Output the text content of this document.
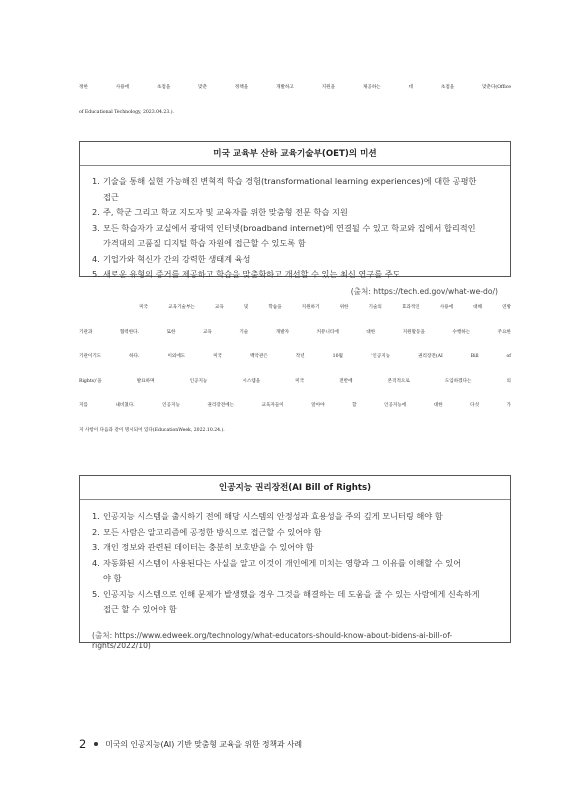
정한 사용에 초점을 맞춘 정책을 개발하고 지원을 제공하는 데 초점을 맞춘다(Office
of Educational Technology, 2023.04.23.).
미국 교육부 산하 교육기술부(OET)의 미션
1. 기술을 통해 실현 가능해진 변혁적 학습 경험(transformational learning experiences)에 대한 공평한
접근
2. 주, 학군 그리고 학교 지도자 및 교육자를 위한 맞춤형 전문 학습 지원
3. 모든 학습자가 교실에서 광대역 인터넷(broadband internet)에 연결될 수 있고 학교와 집에서 합리적인
가격대의 고품질 디지털 학습 자원에 접근할 수 있도록 함
4. 기업가와 혁신가 간의 강력한 생태계 육성
5. 새로운 유형의 증거를 제공하고 학습을 맞춤화하고 개선할 수 있는 최신 연구를 주도
(출처: https://tech.ed.gov/what-we-do/)
미국 교육기술부는 교육 및 학습을 지원하기 위한 기술의 효과적인 사용에 대해 연방
기관과 협력한다. 또한 교육 기술 개발자 커뮤니티에 대한 지원활동을 수행하는 주요한
기관이기도 하다. 이외에도 미국 백악관은 작년 10월 ‘인공지능 권리장전(AI Bill of
Rights)’을 발표하며 인공지능 시스템을 미국 전반에 본격적으로 도입하겠다는 의
지를 내비쳤다. 인공지능 권리장전에는 교육자들이 알아야 할 인공지능에 대한 다섯 가
지 사항이 다음과 같이 명시되어 있다(EducationWeek, 2022.10.24.).
인공지능 권리장전(AI Bill of Rights)
1. 인공지능 시스템을 출시하기 전에 해당 시스템의 안정성과 효용성을 주의 깊게 모니터링 해야 함
2. 모든 사람은 알고리즘에 공정한 방식으로 접근할 수 있어야 함
3. 개인 정보와 관련된 데이터는 충분히 보호받을 수 있어야 함
4. 자동화된 시스템이 사용된다는 사실을 알고 이것이 개인에게 미치는 영향과 그 이유를 이해할 수 있어
야 함
5. 인공지능 시스템으로 인해 문제가 발생했을 경우 그것을 해결하는 데 도움을 줄 수 있는 사람에게 신속하게
접근 할 수 있어야 함
(출처: https://www.edweek.org/technology/what-educators-should-know-about-bidens-ai-bill-of-rights/2022/10)
2 미국의 인공지능(AI) 기반 맞춤형 교육을 위한 정책과 사례
